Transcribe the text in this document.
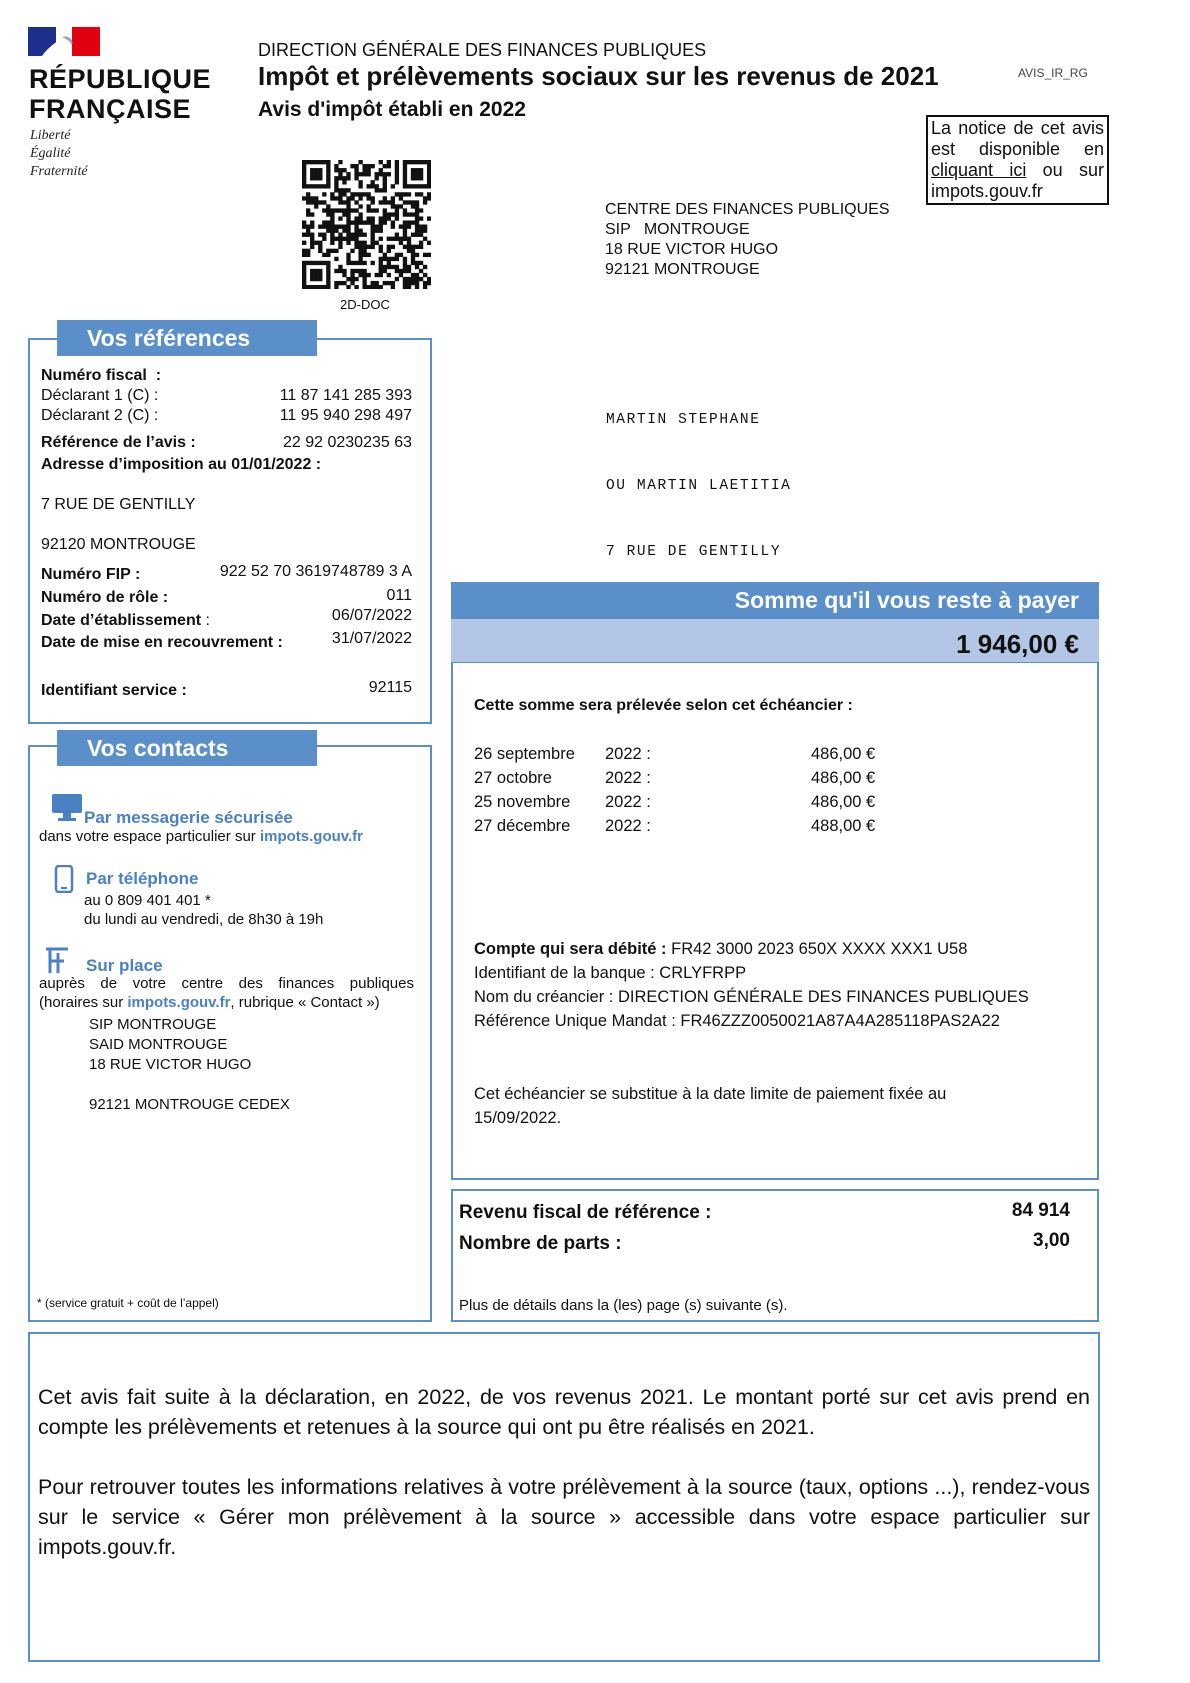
RÉPUBLIQUE
FRANÇAISE
Liberté
Égalité
Fraternité
DIRECTION GÉNÉRALE DES FINANCES PUBLIQUES
Impôt et prélèvements sociaux sur les revenus de 2021
Avis d'impôt établi en 2022
AVIS_IR_RG
La notice de cet avis est disponible en cliquant ici ou sur impots.gouv.fr
2D-DOC
CENTRE DES FINANCES PUBLIQUES
SIP   MONTROUGE
18 RUE VICTOR HUGO
92121 MONTROUGE

MARTIN STEPHANE

OU MARTIN LAETITIA

7 RUE DE GENTILLY

Vos références
Numéro fiscal  :
Déclarant 1 (C) :	11 87 141 285 393
Déclarant 2 (C) :	11 95 940 298 497
Référence de l’avis :	22 92 0230235 63
Adresse d’imposition au 01/01/2022 :
7 RUE DE GENTILLY
92120 MONTROUGE
Numéro FIP :	922 52 70 3619748789 3 A
Numéro de rôle :	011
Date d’établissement :	06/07/2022
Date de mise en recouvrement :	31/07/2022
Identifiant service :	92115
Vos contacts
Par messagerie sécurisée
dans votre espace particulier sur impots.gouv.fr
Par téléphone
au 0 809 401 401 *
du lundi au vendredi, de 8h30 à 19h
Sur place
auprès de votre centre des finances publiques
(horaires sur impots.gouv.fr, rubrique « Contact »)
SIP MONTROUGE
SAID MONTROUGE
18 RUE VICTOR HUGO
92121 MONTROUGE CEDEX
* (service gratuit + coût de l’appel)
Somme qu'il vous reste à payer
1 946,00 €
Cette somme sera prélevée selon cet échéancier :
26 septembre 2022 :	486,00 €
27 octobre	2022 :	486,00 €
25 novembre 2022 :	486,00 €
27 décembre 2022 :	488,00 €
Compte qui sera débité : FR42 3000 2023 650X XXXX XXX1 U58
Identifiant de la banque : CRLYFRPP
Nom du créancier : DIRECTION GÉNÉRALE DES FINANCES PUBLIQUES
Référence Unique Mandat : FR46ZZZ0050021A87A4A285118PAS2A22
Cet échéancier se substitue à la date limite de paiement fixée au
15/09/2022.
Revenu fiscal de référence :	84 914
Nombre de parts :	3,00
Plus de détails dans la (les) page (s) suivante (s).
Cet avis fait suite à la déclaration, en 2022, de vos revenus 2021. Le montant porté sur cet avis prend en compte les prélèvements et retenues à la source qui ont pu être réalisés en 2021.
Pour retrouver toutes les informations relatives à votre prélèvement à la source (taux, options ...), rendez-vous sur le service « Gérer mon prélèvement à la source » accessible dans votre espace particulier sur impots.gouv.fr.
